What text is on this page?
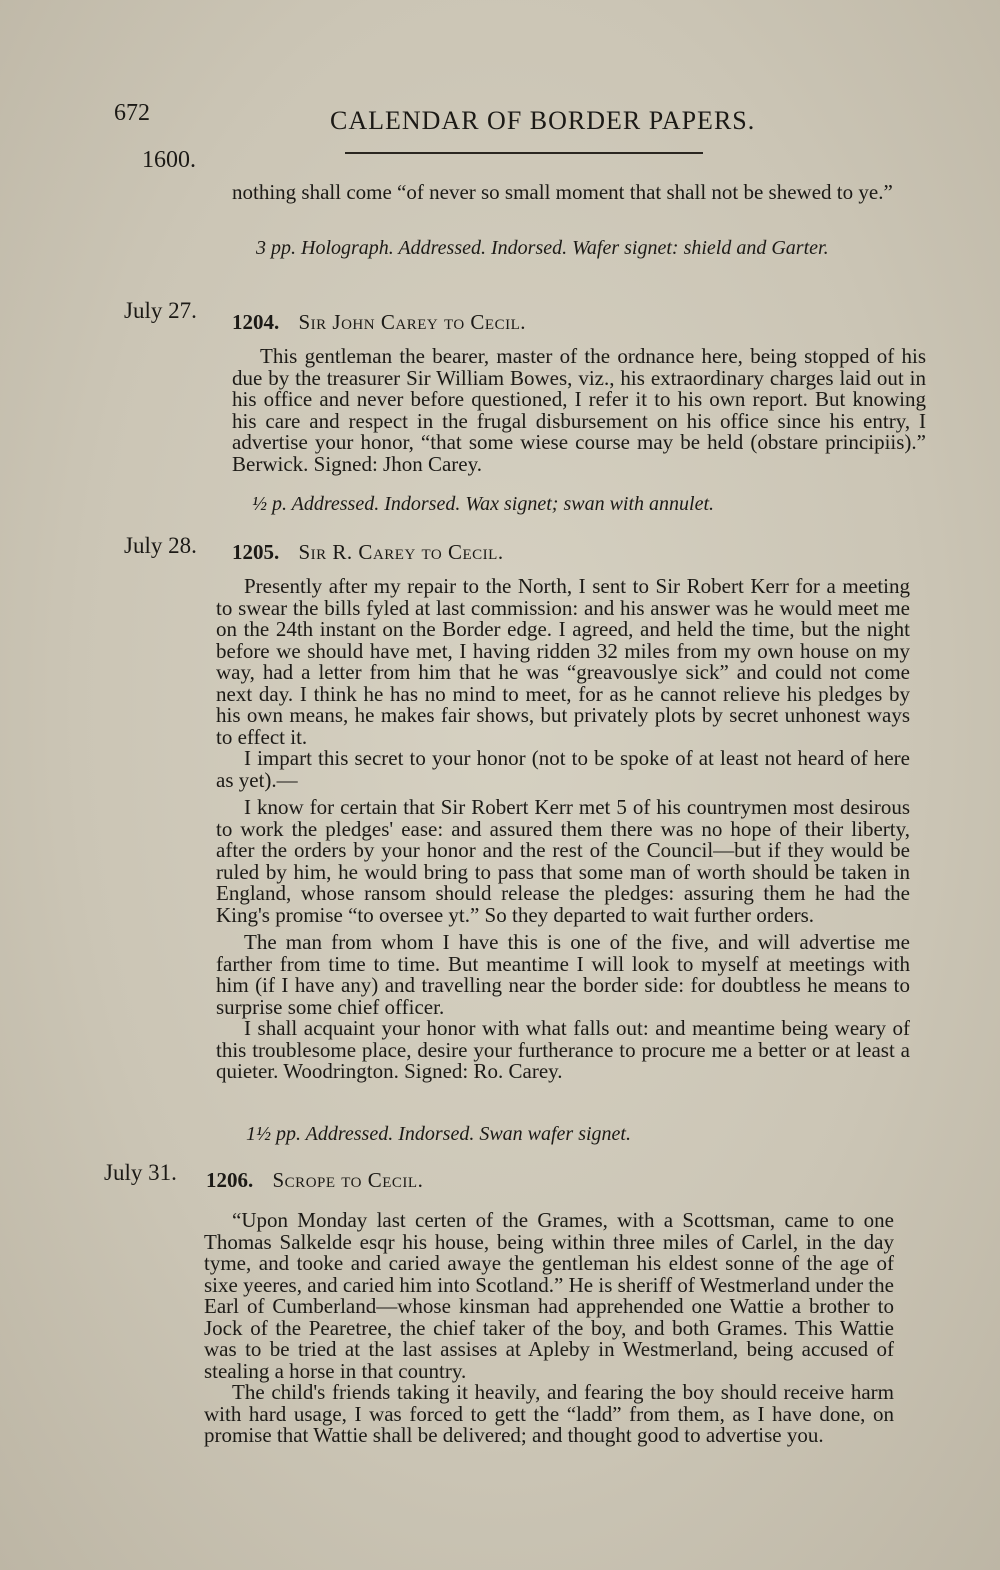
672	CALENDAR OF BORDER PAPERS.
1600.

nothing shall come “of never so small moment that shall not be shewed to ye.”

3 pp. Holograph. Addressed. Indorsed. Wafer signet: shield and Garter.
July 27. 1204. Sir John Carey to Cecil.

This gentleman the bearer, master of the ordnance here, being stopped of his due by the treasurer Sir William Bowes, viz., his extraordinary charges laid out in his office and never before questioned, I refer it to his own report. But knowing his care and respect in the frugal disbursement on his office since his entry, I advertise your honor, “that some wiese course may be held (obstare principiis).” Berwick. Signed: Jhon Carey.

½ p. Addressed. Indorsed. Wax signet; swan with annulet.
July 28. 1205. Sir R. Carey to Cecil.

Presently after my repair to the North, I sent to Sir Robert Kerr for a meeting to swear the bills fyled at last commission: and his answer was he would meet me on the 24th instant on the Border edge. I agreed, and held the time, but the night before we should have met, I having ridden 32 miles from my own house on my way, had a letter from him that he was “greavouslye sick” and could not come next day. I think he has no mind to meet, for as he cannot relieve his pledges by his own means, he makes fair shows, but privately plots by secret unhonest ways to effect it.

I impart this secret to your honor (not to be spoke of at least not heard of here as yet).—

I know for certain that Sir Robert Kerr met 5 of his countrymen most desirous to work the pledges' ease: and assured them there was no hope of their liberty, after the orders by your honor and the rest of the Council—but if they would be ruled by him, he would bring to pass that some man of worth should be taken in England, whose ransom should release the pledges: assuring them he had the King's promise “to oversee yt.” So they departed to wait further orders.

The man from whom I have this is one of the five, and will advertise me farther from time to time. But meantime I will look to myself at meetings with him (if I have any) and travelling near the border side: for doubtless he means to surprise some chief officer.

I shall acquaint your honor with what falls out: and meantime being weary of this troublesome place, desire your furtherance to procure me a better or at least a quieter. Woodrington. Signed: Ro. Carey.

1½ pp. Addressed. Indorsed. Swan wafer signet.
July 31. 1206. Scrope to Cecil.

“Upon Monday last certen of the Grames, with a Scottsman, came to one Thomas Salkelde esqr his house, being within three miles of Carlel, in the day tyme, and tooke and caried awaye the gentleman his eldest sonne of the age of sixe yeeres, and caried him into Scotland.” He is sheriff of Westmerland under the Earl of Cumberland—whose kinsman had apprehended one Wattie a brother to Jock of the Pearetree, the chief taker of the boy, and both Grames. This Wattie was to be tried at the last assises at Apleby in Westmerland, being accused of stealing a horse in that country.

The child's friends taking it heavily, and fearing the boy should receive harm with hard usage, I was forced to gett the “ladd” from them, as I have done, on promise that Wattie shall be delivered; and thought good to advertise you.
